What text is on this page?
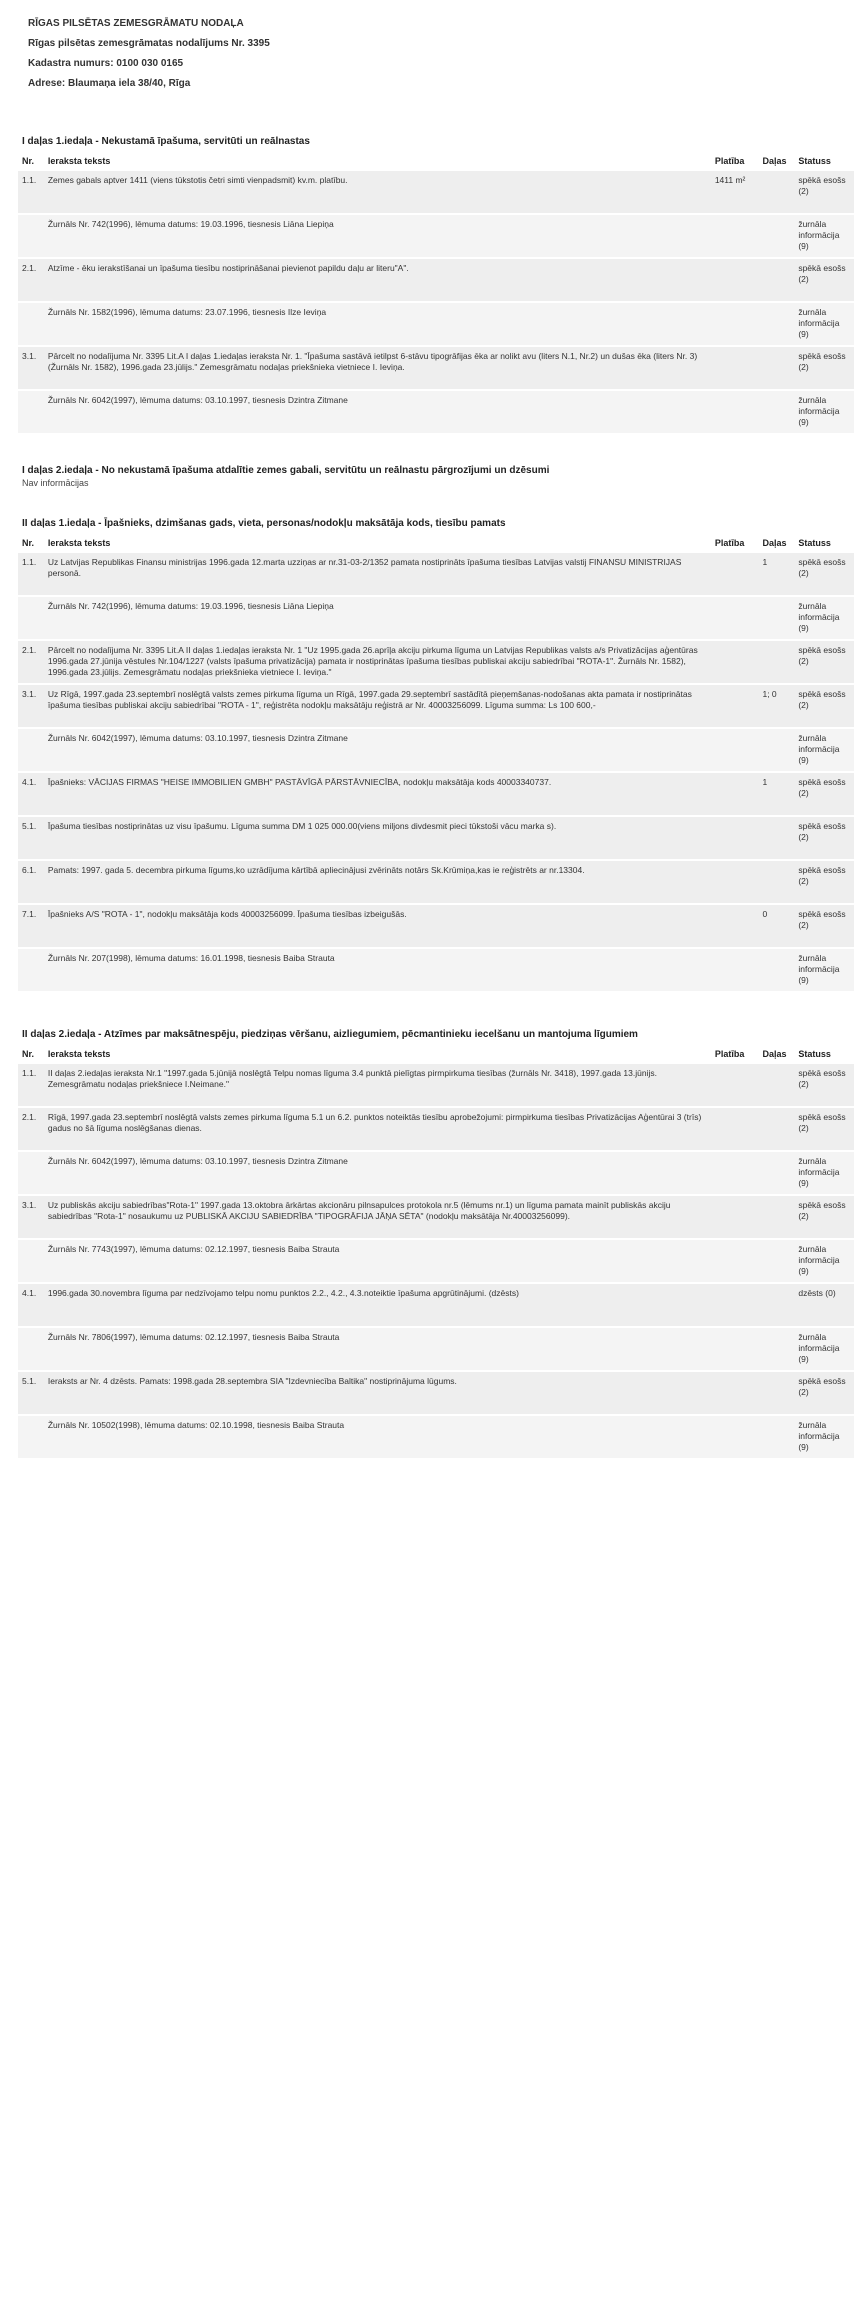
RĪGAS PILSĒTAS ZEMESGRĀMATU NODAĻA
Rīgas pilsētas zemesgrāmatas nodalījums Nr. 3395
Kadastra numurs: 0100 030 0165
Adrese: Blaumaņa iela 38/40, Rīga
I daļas 1.iedaļa - Nekustamā īpašuma, servitūti un reālnastas
Nr.	Ieraksta teksts	Platība	Daļas	Statuss
1.1.	Zemes gabals aptver 1411 (viens tūkstotis četri simti vienpadsmit) kv.m. platību.	1411 m²		spēkā esošs (2)
	Žurnāls Nr. 742(1996), lēmuma datums: 19.03.1996, tiesnesis Liāna Liepiņa			žurnāla informācija (9)
2.1.	Atzīme - ēku ierakstīšanai un īpašuma tiesību nostiprināšanai pievienot papildu daļu ar literu"A".			spēkā esošs (2)
	Žurnāls Nr. 1582(1996), lēmuma datums: 23.07.1996, tiesnesis Ilze Ieviņa			žurnāla informācija (9)
3.1.	Pārcelt no nodalījuma Nr. 3395 Lit.A I daļas 1.iedaļas ieraksta Nr. 1. "Īpašuma sastāvā ietilpst 6-stāvu tipogrāfijas ēka ar nolikt avu (liters N.1, Nr.2) un dušas ēka (liters Nr. 3) (Žurnāls Nr. 1582), 1996.gada 23.jūlijs." Zemesgrāmatu nodaļas priekšnieka vietniece I. Ieviņa.			spēkā esošs (2)
	Žurnāls Nr. 6042(1997), lēmuma datums: 03.10.1997, tiesnesis Dzintra Zitmane			žurnāla informācija (9)
I daļas 2.iedaļa - No nekustamā īpašuma atdalītie zemes gabali, servitūtu un reālnastu pārgrozījumi un dzēsumi
Nav informācijas
II daļas 1.iedaļa - Īpašnieks, dzimšanas gads, vieta, personas/nodokļu maksātāja kods, tiesību pamats
Nr.	Ieraksta teksts	Platība	Daļas	Statuss
1.1.	Uz Latvijas Republikas Finansu ministrijas 1996.gada 12.marta uzziņas ar nr.31-03-2/1352 pamata nostiprināts īpašuma tiesības Latvijas valstij FINANSU MINISTRIJAS personā.		1	spēkā esošs (2)
	Žurnāls Nr. 742(1996), lēmuma datums: 19.03.1996, tiesnesis Liāna Liepiņa			žurnāla informācija (9)
2.1.	Pārcelt no nodalījuma Nr. 3395 Lit.A II daļas 1.iedaļas ieraksta Nr. 1 "Uz 1995.gada 26.aprīļa akciju pirkuma līguma un Latvijas Republikas valsts a/s Privatizācijas aģentūras 1996.gada 27.jūnija vēstules Nr.104/1227 (valsts īpašuma privatizācija) pamata ir nostiprinātas īpašuma tiesības publiskai akciju sabiedrībai "ROTA-1". Žurnāls Nr. 1582), 1996.gada 23.jūlijs. Zemesgrāmatu nodaļas priekšnieka vietniece I. Ieviņa."			spēkā esošs (2)
3.1.	Uz Rīgā, 1997.gada 23.septembrī noslēgtā valsts zemes pirkuma līguma un Rīgā, 1997.gada 29.septembrī sastādītā pieņemšanas-nodošanas akta pamata ir nostiprinātas īpašuma tiesības publiskai akciju sabiedrībai "ROTA - 1", reģistrēta nodokļu maksātāju reģistrā ar Nr. 40003256099. Līguma summa: Ls 100 600,-		1; 0	spēkā esošs (2)
	Žurnāls Nr. 6042(1997), lēmuma datums: 03.10.1997, tiesnesis Dzintra Zitmane			žurnāla informācija (9)
4.1.	Īpašnieks: VĀCIJAS FIRMAS "HEISE IMMOBILIEN GMBH" PASTĀVĪGĀ PĀRSTĀVNIECĪBA, nodokļu maksātāja kods 40003340737.		1	spēkā esošs (2)
5.1.	Īpašuma tiesības nostiprinātas uz visu īpašumu. Līguma summa DM 1 025 000.00(viens miljons divdesmit pieci tūkstoši vācu marka s).			spēkā esošs (2)
6.1.	Pamats: 1997. gada 5. decembra pirkuma līgums,ko uzrādījuma kārtībā apliecinājusi zvērināts notārs Sk.Krūmiņa,kas ie reģistrēts ar nr.13304.			spēkā esošs (2)
7.1.	Īpašnieks A/S "ROTA - 1", nodokļu maksātāja kods 40003256099. Īpašuma tiesības izbeigušās.		0	spēkā esošs (2)
	Žurnāls Nr. 207(1998), lēmuma datums: 16.01.1998, tiesnesis Baiba Strauta			žurnāla informācija (9)
II daļas 2.iedaļa - Atzīmes par maksātnespēju, piedziņas vēršanu, aizliegumiem, pēcmantinieku iecelšanu un mantojuma līgumiem
Nr.	Ieraksta teksts	Platība	Daļas	Statuss
1.1.	II daļas 2.iedaļas ieraksta Nr.1 "1997.gada 5.jūnijā noslēgtā Telpu nomas līguma 3.4 punktā pielīgtas pirmpirkuma tiesības (žurnāls Nr. 3418), 1997.gada 13.jūnijs. Zemesgrāmatu nodaļas priekšniece I.Neimane."			spēkā esošs (2)
2.1.	Rīgā, 1997.gada 23.septembrī noslēgtā valsts zemes pirkuma līguma 5.1 un 6.2. punktos noteiktās tiesību aprobežojumi: pirmpirkuma tiesības Privatizācijas Aģentūrai 3 (trīs) gadus no šā līguma noslēgšanas dienas.			spēkā esošs (2)
	Žurnāls Nr. 6042(1997), lēmuma datums: 03.10.1997, tiesnesis Dzintra Zitmane			žurnāla informācija (9)
3.1.	Uz publiskās akciju sabiedrības"Rota-1" 1997.gada 13.oktobra ārkārtas akcionāru pilnsapulces protokola nr.5 (lēmums nr.1) un līguma pamata mainīt publiskās akciju sabiedrības "Rota-1" nosaukumu uz PUBLISKĀ AKCIJU SABIEDRĪBA "TIPOGRĀFIJA JĀŅA SĒTA" (nodokļu maksātāja Nr.40003256099).			spēkā esošs (2)
	Žurnāls Nr. 7743(1997), lēmuma datums: 02.12.1997, tiesnesis Baiba Strauta			žurnāla informācija (9)
4.1.	1996.gada 30.novembra līguma par nedzīvojamo telpu nomu punktos 2.2., 4.2., 4.3.noteiktie īpašuma apgrūtinājumi. (dzēsts)			dzēsts (0)
	Žurnāls Nr. 7806(1997), lēmuma datums: 02.12.1997, tiesnesis Baiba Strauta			žurnāla informācija (9)
5.1.	Ieraksts ar Nr. 4 dzēsts. Pamats: 1998.gada 28.septembra SIA "Izdevniecība Baltika" nostiprinājuma lūgums.			spēkā esošs (2)
	Žurnāls Nr. 10502(1998), lēmuma datums: 02.10.1998, tiesnesis Baiba Strauta			žurnāla informācija (9)
